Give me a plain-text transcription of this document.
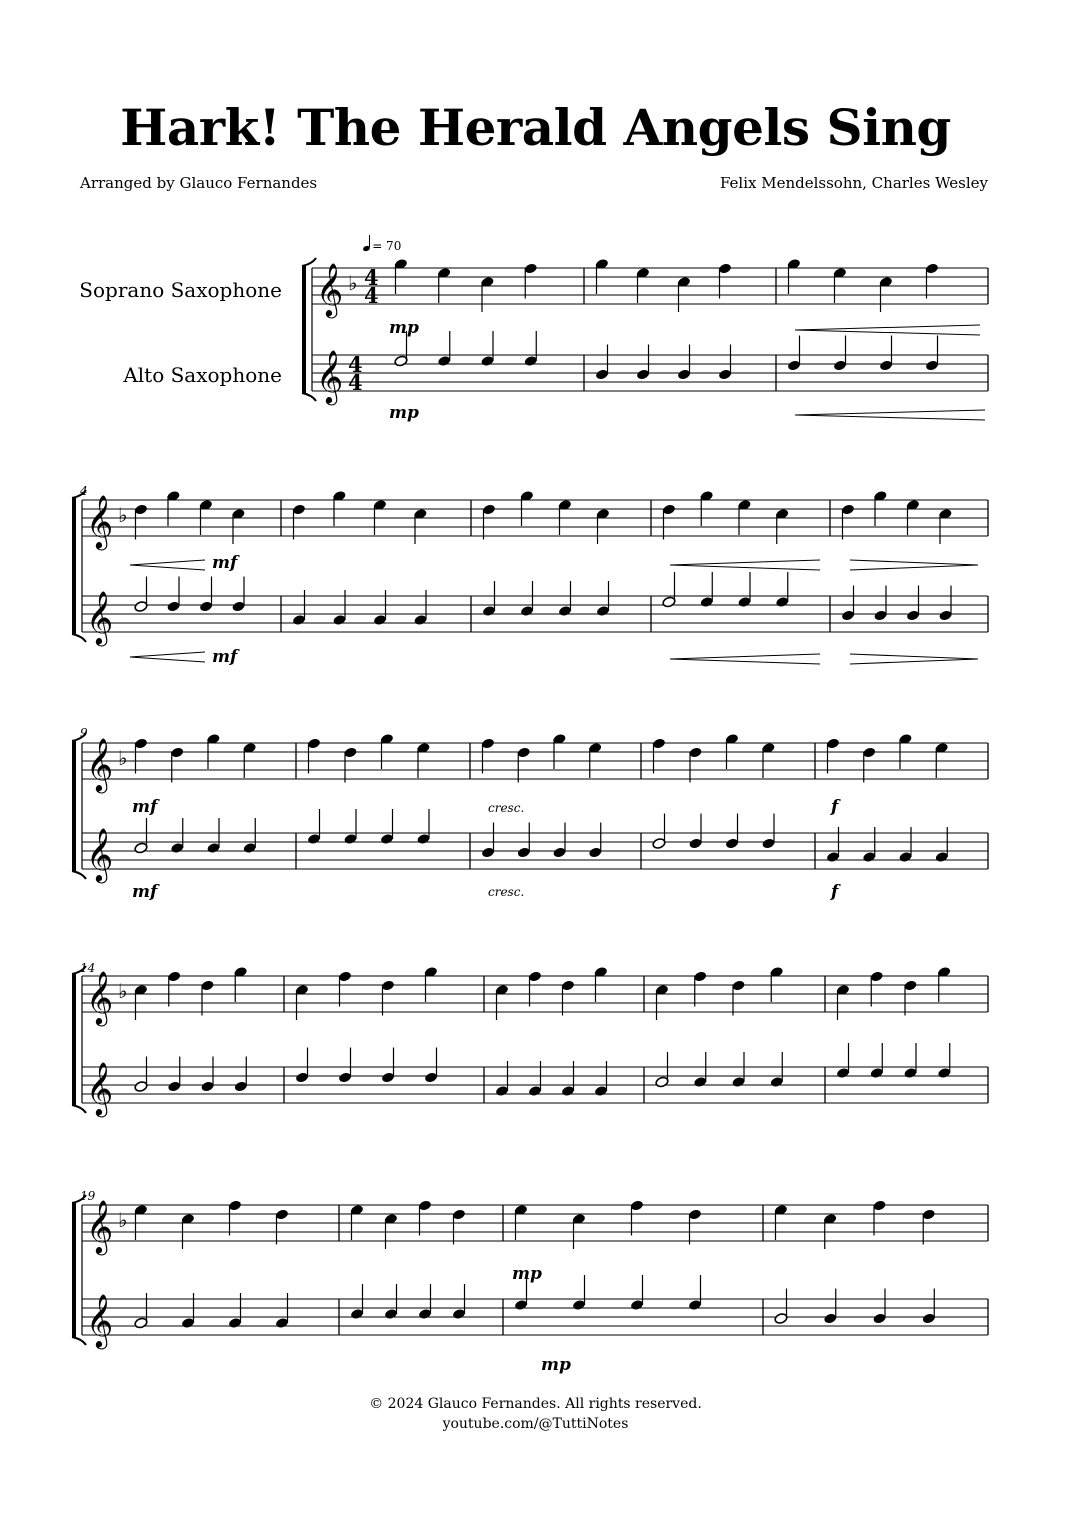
𝄞
𝄞
♭ 4
4
4
4
𝄞
𝄞
♭
𝄞
𝄞
♭
𝄞
𝄞
♭
𝄞
𝄞
♭
Hark! The Herald Angels Sing
Arranged by Glauco Fernandes	Felix Mendelssohn, Charles Wesley
= 70
Soprano Saxophone
Alto Saxophone
4
9
14
19
mp
mp
mf
mf
mf
mf
f
f
mp
mp
cresc.
cresc.
© 2024 Glauco Fernandes. All rights reserved.
youtube.com/@TuttiNotes
